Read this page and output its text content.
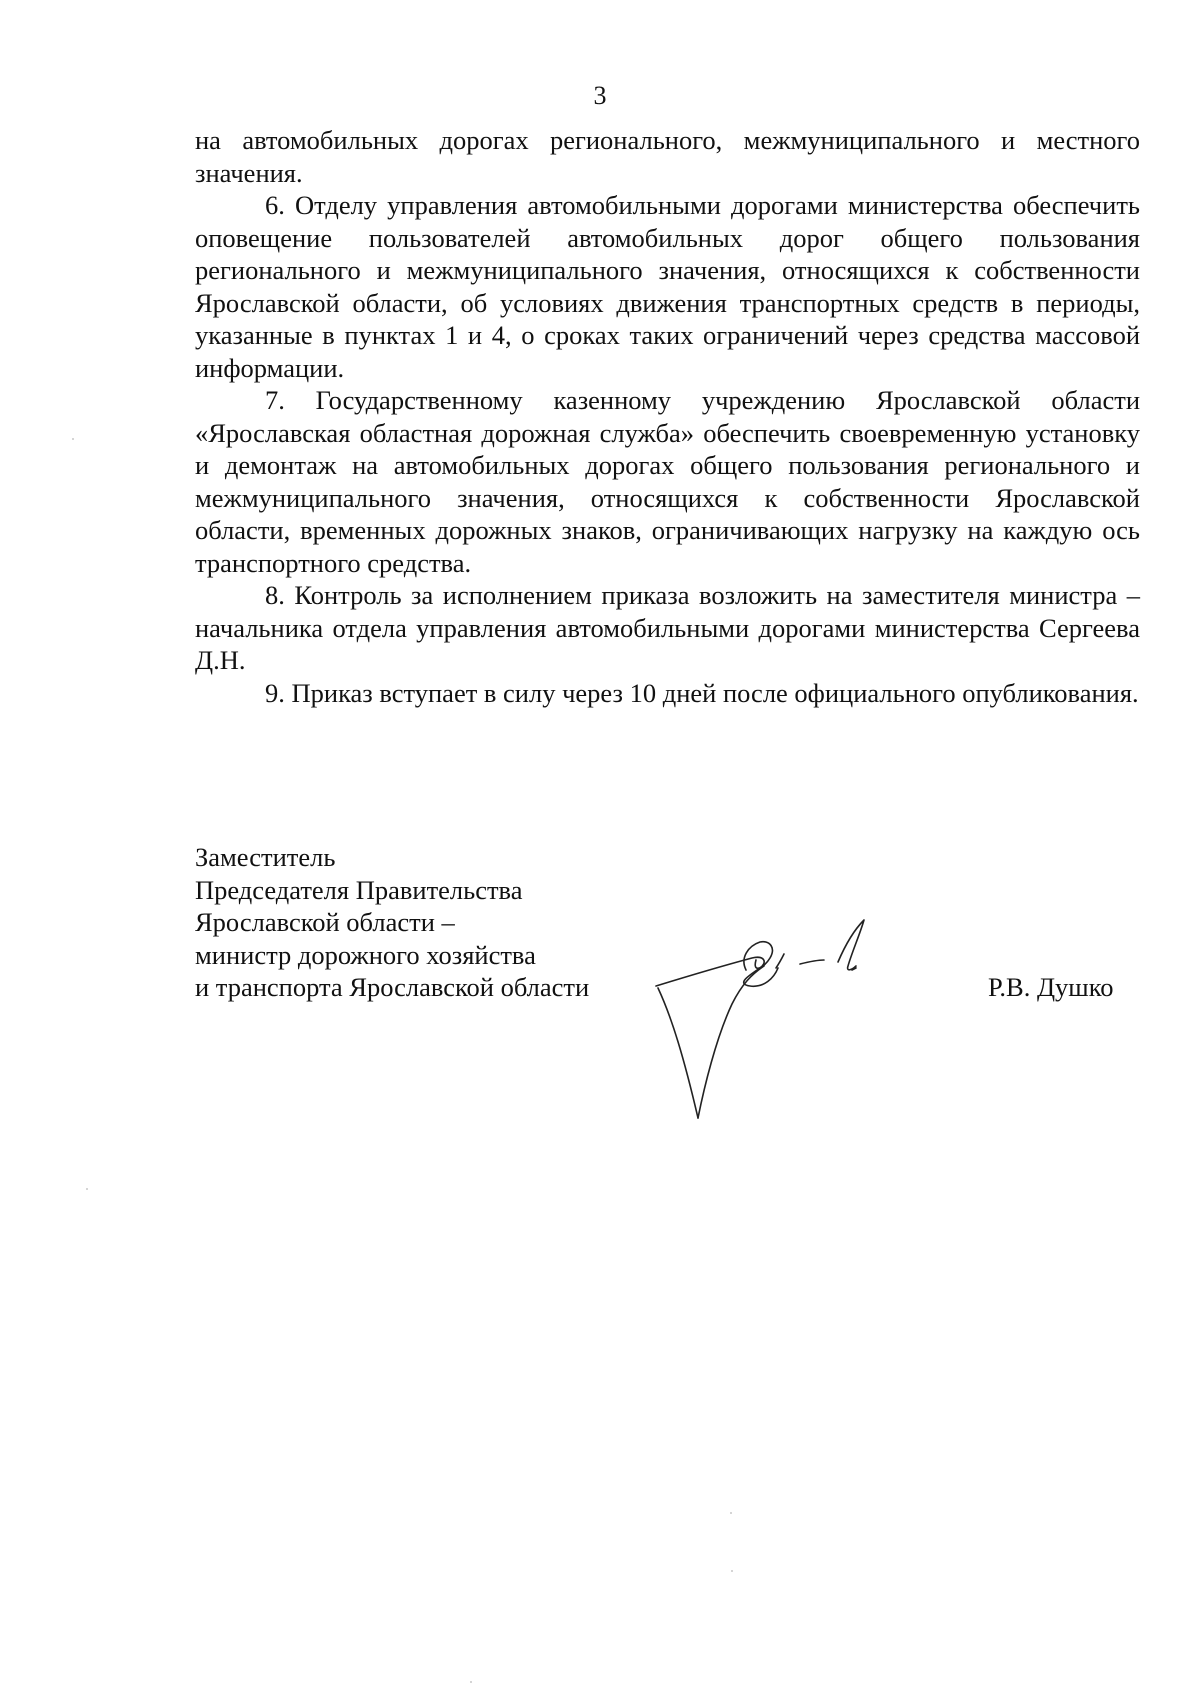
3

на автомобильных дорогах регионального, межмуниципального и местного значения.

6. Отделу управления автомобильными дорогами министерства обеспечить оповещение пользователей автомобильных дорог общего пользования регионального и межмуниципального значения, относящихся к собственности Ярославской области, об условиях движения транспортных средств в периоды, указанные в пунктах 1 и 4, о сроках таких ограничений через средства массовой информации.

7. Государственному казенному учреждению Ярославской области «Ярославская областная дорожная служба» обеспечить своевременную установку и демонтаж на автомобильных дорогах общего пользования регионального и межмуниципального значения, относящихся к собственности Ярославской области, временных дорожных знаков, ограничивающих нагрузку на каждую ось транспортного средства.

8. Контроль за исполнением приказа возложить на заместителя министра – начальника отдела управления автомобильными дорогами министерства Сергеева Д.Н.

9. Приказ вступает в силу через 10 дней после официального опубликования.

Заместитель
Председателя Правительства
Ярославской области –
министр дорожного хозяйства
и транспорта Ярославской области	Р.В. Душко
